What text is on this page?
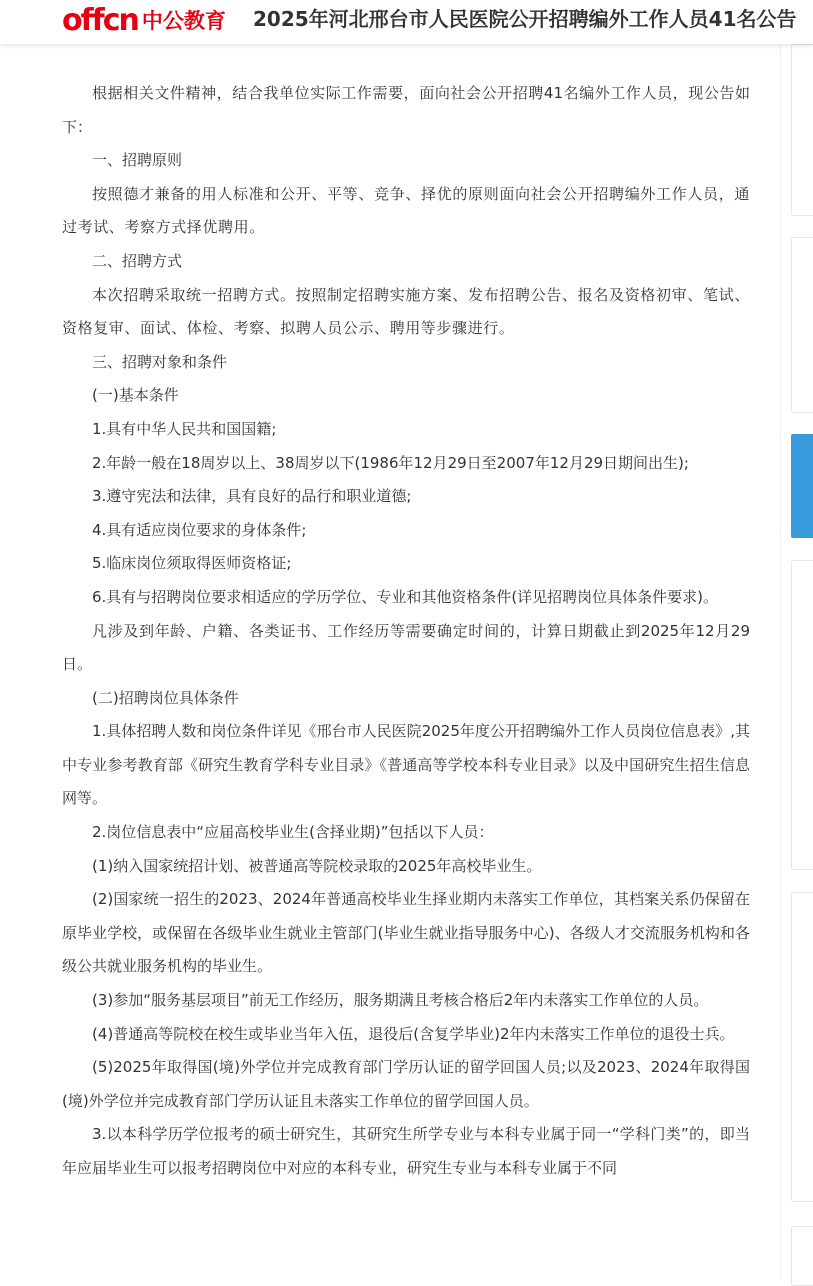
offcn 中公教育 2025年河北邢台市人民医院公开招聘编外工作人员41名公告

根据相关文件精神，结合我单位实际工作需要，面向社会公开招聘41名编外工作人员，现公告如下：

一、招聘原则

按照德才兼备的用人标准和公开、平等、竞争、择优的原则面向社会公开招聘编外工作人员，通过考试、考察方式择优聘用。

二、招聘方式

本次招聘采取统一招聘方式。按照制定招聘实施方案、发布招聘公告、报名及资格初审、笔试、资格复审、面试、体检、考察、拟聘人员公示、聘用等步骤进行。

三、招聘对象和条件

(一)基本条件

1.具有中华人民共和国国籍;

2.年龄一般在18周岁以上、38周岁以下(1986年12月29日至2007年12月29日期间出生);

3.遵守宪法和法律，具有良好的品行和职业道德;

4.具有适应岗位要求的身体条件;

5.临床岗位须取得医师资格证;

6.具有与招聘岗位要求相适应的学历学位、专业和其他资格条件(详见招聘岗位具体条件要求)。

凡涉及到年龄、户籍、各类证书、工作经历等需要确定时间的，计算日期截止到2025年12月29日。

(二)招聘岗位具体条件

1.具体招聘人数和岗位条件详见《邢台市人民医院2025年度公开招聘编外工作人员岗位信息表》,其中专业参考教育部《研究生教育学科专业目录》《普通高等学校本科专业目录》以及中国研究生招生信息网等。

2.岗位信息表中“应届高校毕业生(含择业期)”包括以下人员：

(1)纳入国家统招计划、被普通高等院校录取的2025年高校毕业生。

(2)国家统一招生的2023、2024年普通高校毕业生择业期内未落实工作单位，其档案关系仍保留在原毕业学校，或保留在各级毕业生就业主管部门(毕业生就业指导服务中心)、各级人才交流服务机构和各级公共就业服务机构的毕业生。

(3)参加“服务基层项目”前无工作经历，服务期满且考核合格后2年内未落实工作单位的人员。

(4)普通高等院校在校生或毕业当年入伍，退役后(含复学毕业)2年内未落实工作单位的退役士兵。

(5)2025年取得国(境)外学位并完成教育部门学历认证的留学回国人员;以及2023、2024年取得国(境)外学位并完成教育部门学历认证且未落实工作单位的留学回国人员。

3.以本科学历学位报考的硕士研究生，其研究生所学专业与本科专业属于同一“学科门类”的，即当年应届毕业生可以报考招聘岗位中对应的本科专业，研究生专业与本科专业属于不同
